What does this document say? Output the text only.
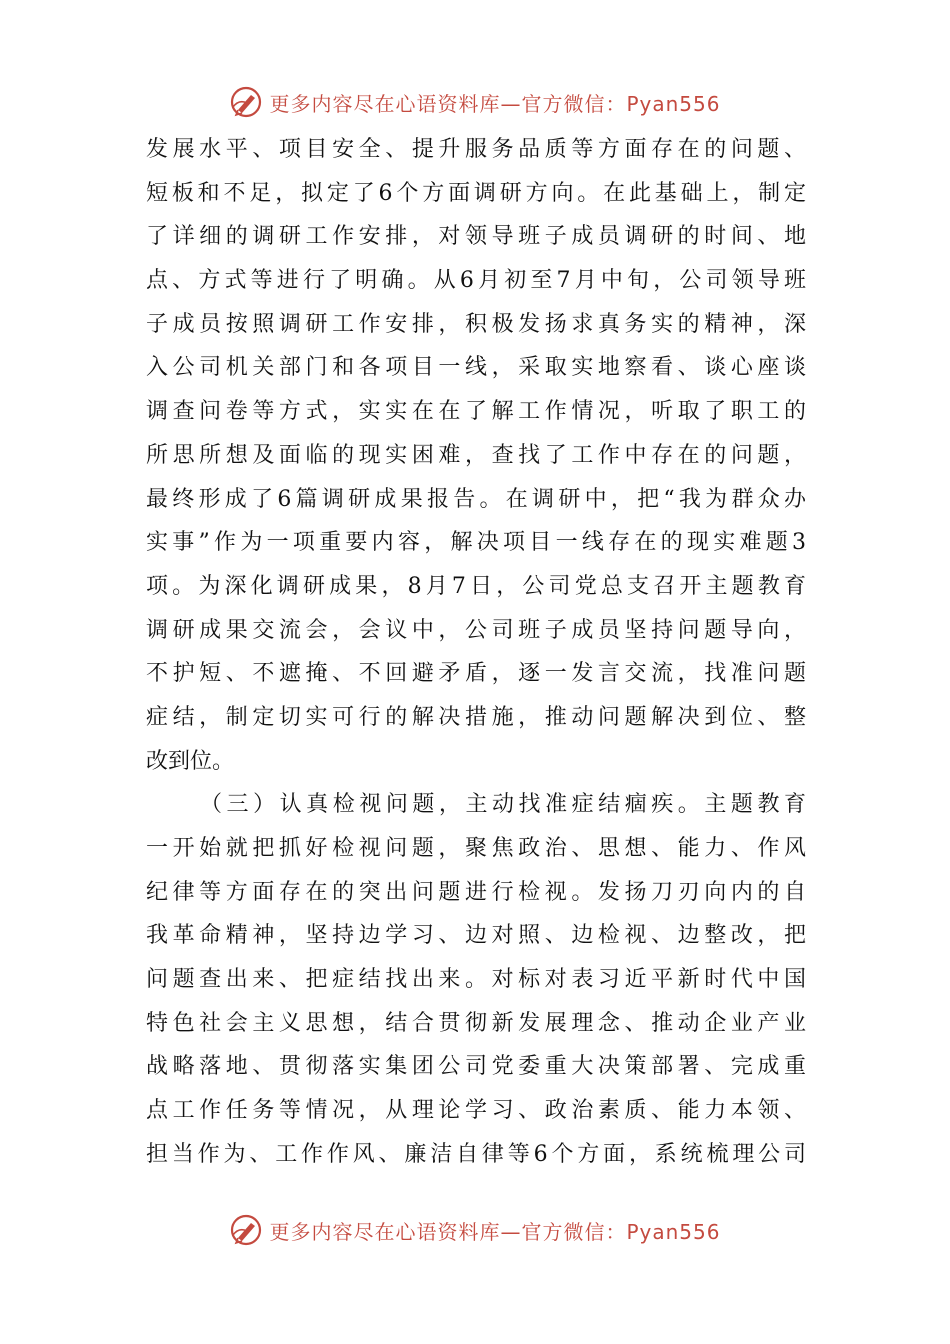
更多内容尽在心语资料库—官方微信：Pyan556
发展水平、项目安全、提升服务品质等方面存在的问题、
短板和不足，拟定了6个方面调研方向。在此基础上，制定
了详细的调研工作安排，对领导班子成员调研的时间、地
点、方式等进行了明确。从6月初至7月中旬，公司领导班
子成员按照调研工作安排，积极发扬求真务实的精神，深
入公司机关部门和各项目一线，采取实地察看、谈心座谈
调查问卷等方式，实实在在了解工作情况，听取了职工的
所思所想及面临的现实困难，查找了工作中存在的问题，
最终形成了6篇调研成果报告。在调研中，把“我为群众办
实事”作为一项重要内容，解决项目一线存在的现实难题3
项。为深化调研成果，8月7日，公司党总支召开主题教育
调研成果交流会，会议中，公司班子成员坚持问题导向，
不护短、不遮掩、不回避矛盾，逐一发言交流，找准问题
症结，制定切实可行的解决措施，推动问题解决到位、整
改到位。
（三）认真检视问题，主动找准症结痼疾。主题教育
一开始就把抓好检视问题，聚焦政治、思想、能力、作风
纪律等方面存在的突出问题进行检视。发扬刀刃向内的自
我革命精神，坚持边学习、边对照、边检视、边整改，把
问题查出来、把症结找出来。对标对表习近平新时代中国
特色社会主义思想，结合贯彻新发展理念、推动企业产业
战略落地、贯彻落实集团公司党委重大决策部署、完成重
点工作任务等情况，从理论学习、政治素质、能力本领、
担当作为、工作作风、廉洁自律等6个方面，系统梳理公司
更多内容尽在心语资料库—官方微信：Pyan556
